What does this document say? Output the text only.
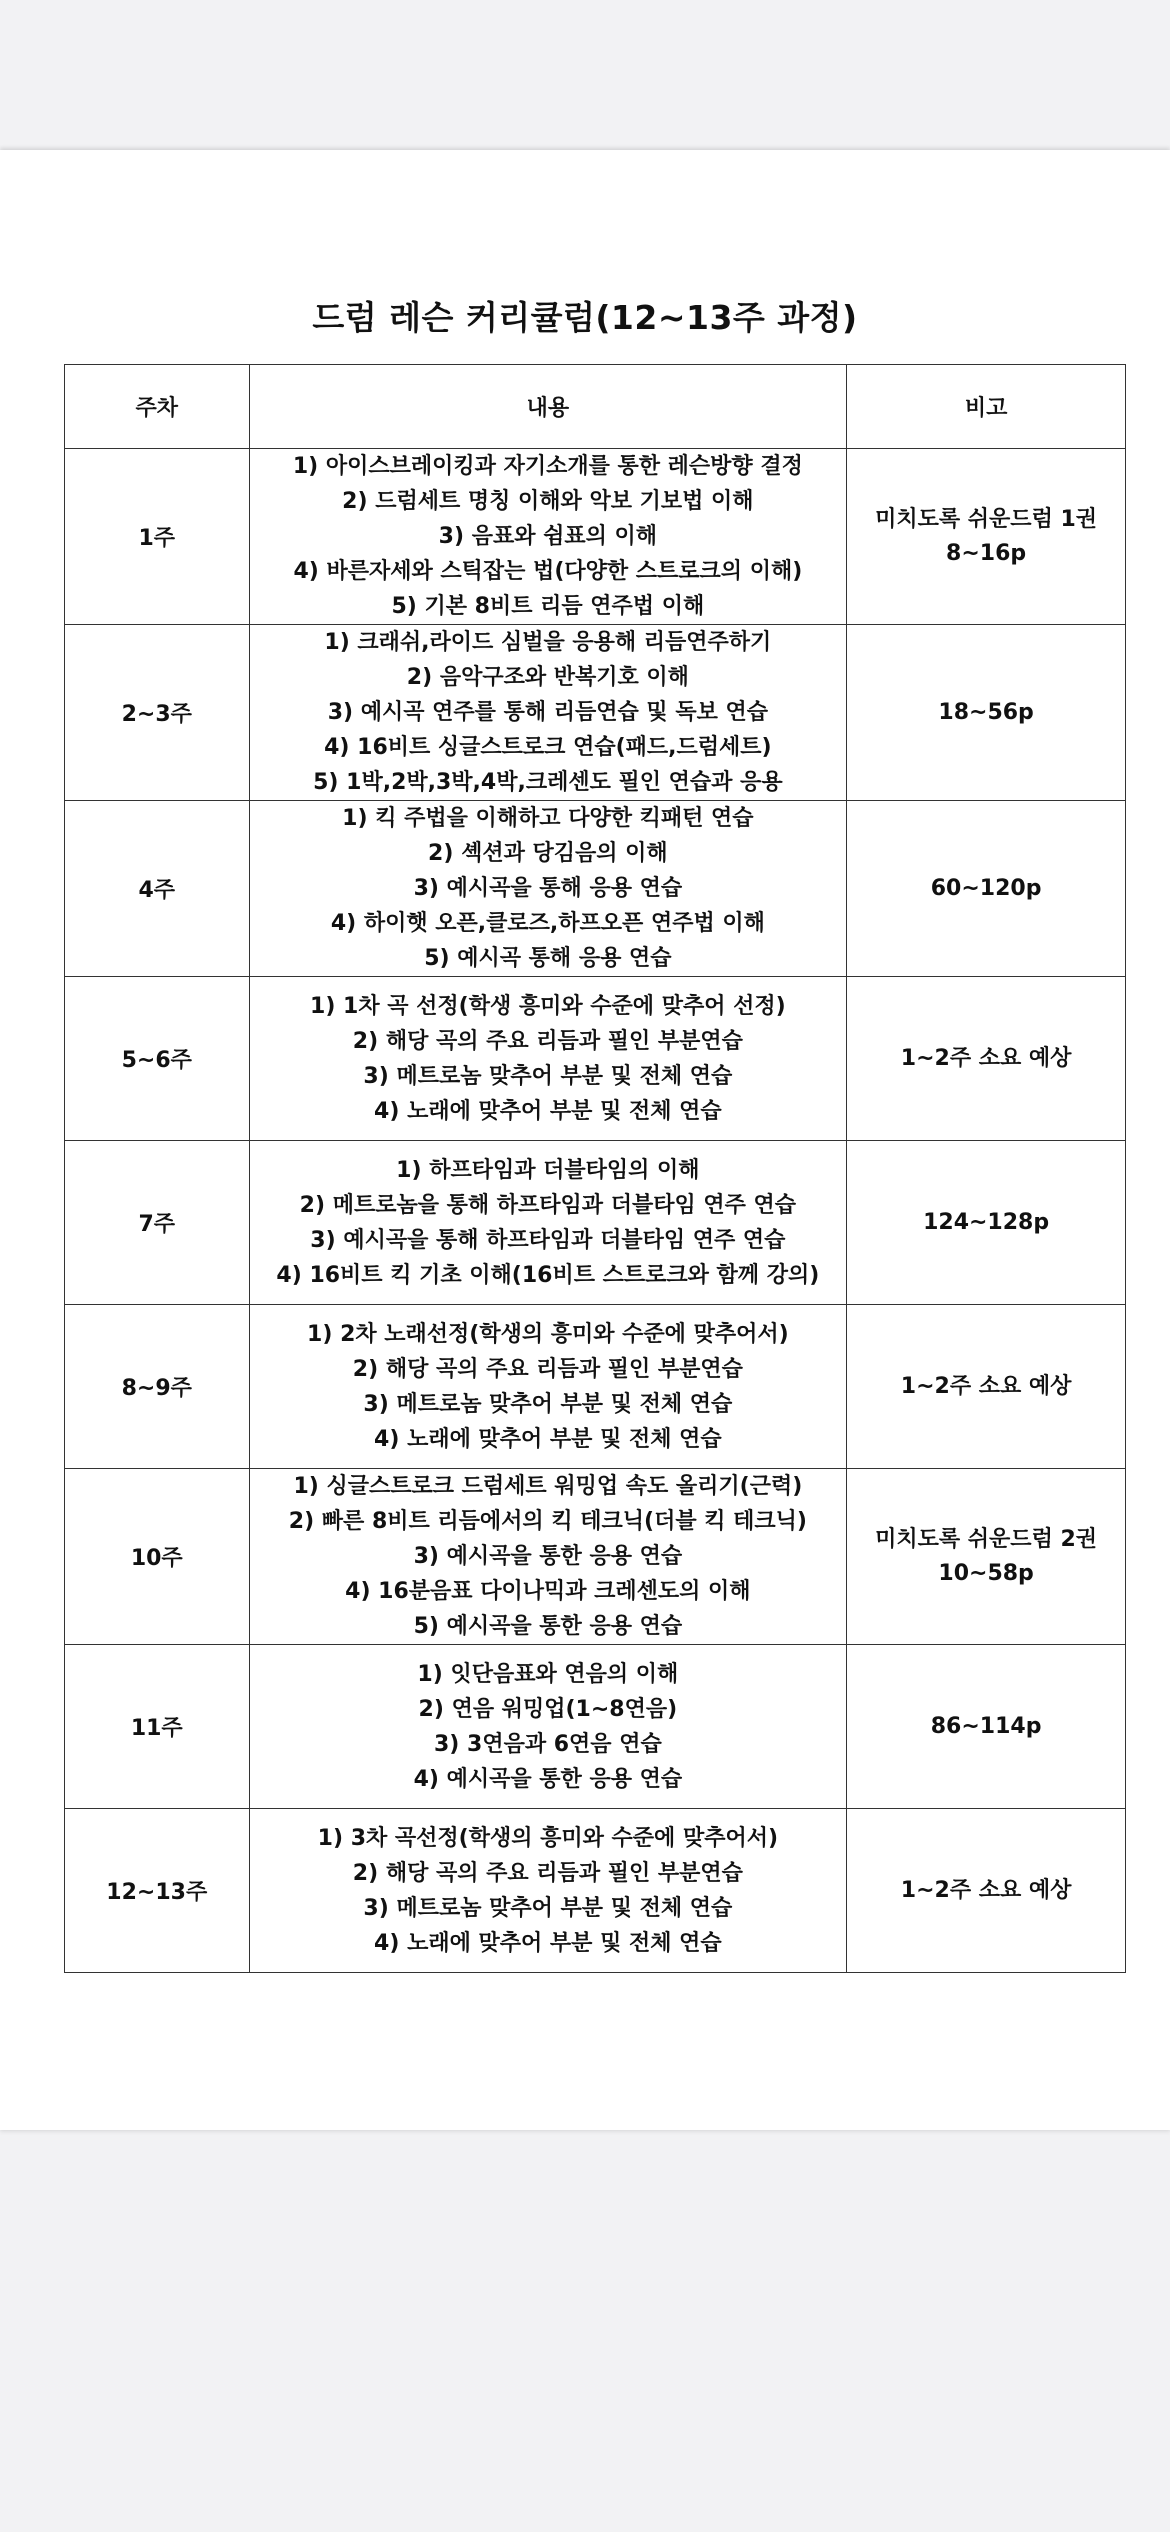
드럼 레슨 커리큘럼(12~13주 과정)
주차	내용	비고
1주	1) 아이스브레이킹과 자기소개를 통한 레슨방향 결정
2) 드럼세트 명칭 이해와 악보 기보법 이해
3) 음표와 쉼표의 이해
4) 바른자세와 스틱잡는 법(다양한 스트로크의 이해)
5) 기본 8비트 리듬 연주법 이해	미치도록 쉬운드럼 1권
8~16p

2~3주	1) 크래쉬,라이드 심벌을 응용해 리듬연주하기
2) 음악구조와 반복기호 이해
3) 예시곡 연주를 통해 리듬연습 및 독보 연습
4) 16비트 싱글스트로크 연습(패드,드럼세트)
5) 1박,2박,3박,4박,크레센도 필인 연습과 응용	18~56p

4주	1) 킥 주법을 이해하고 다양한 킥패턴 연습
2) 셱션과 당김음의 이해
3) 예시곡을 통해 응용 연습
4) 하이햇 오픈,클로즈,하프오픈 연주법 이해
5) 예시곡 통해 응용 연습	60~120p

5~6주	1) 1차 곡 선정(학생 흥미와 수준에 맞추어 선정)
2) 해당 곡의 주요 리듬과 필인 부분연습
3) 메트로놈 맞추어 부분 및 전체 연습
4) 노래에 맞추어 부분 및 전체 연습	1~2주 소요 예상

7주	1) 하프타임과 더블타임의 이해
2) 메트로놈을 통해 하프타임과 더블타임 연주 연습
3) 예시곡을 통해 하프타임과 더블타임 연주 연습
4) 16비트 킥 기초 이해(16비트 스트로크와 함께 강의)	124~128p

8~9주	1) 2차 노래선정(학생의 흥미와 수준에 맞추어서)
2) 해당 곡의 주요 리듬과 필인 부분연습
3) 메트로놈 맞추어 부분 및 전체 연습
4) 노래에 맞추어 부분 및 전체 연습	1~2주 소요 예상

10주	1) 싱글스트로크 드럼세트 워밍업 속도 올리기(근력)
2) 빠른 8비트 리듬에서의 킥 테크닉(더블 킥 테크닉)
3) 예시곡을 통한 응용 연습
4) 16분음표 다이나믹과 크레센도의 이해
5) 예시곡을 통한 응용 연습	미치도록 쉬운드럼 2권
10~58p

11주	1) 잇단음표와 연음의 이해
2) 연음 워밍업(1~8연음)
3) 3연음과 6연음 연습
4) 예시곡을 통한 응용 연습	86~114p

12~13주	1) 3차 곡선정(학생의 흥미와 수준에 맞추어서)
2) 해당 곡의 주요 리듬과 필인 부분연습
3) 메트로놈 맞추어 부분 및 전체 연습
4) 노래에 맞추어 부분 및 전체 연습	1~2주 소요 예상
